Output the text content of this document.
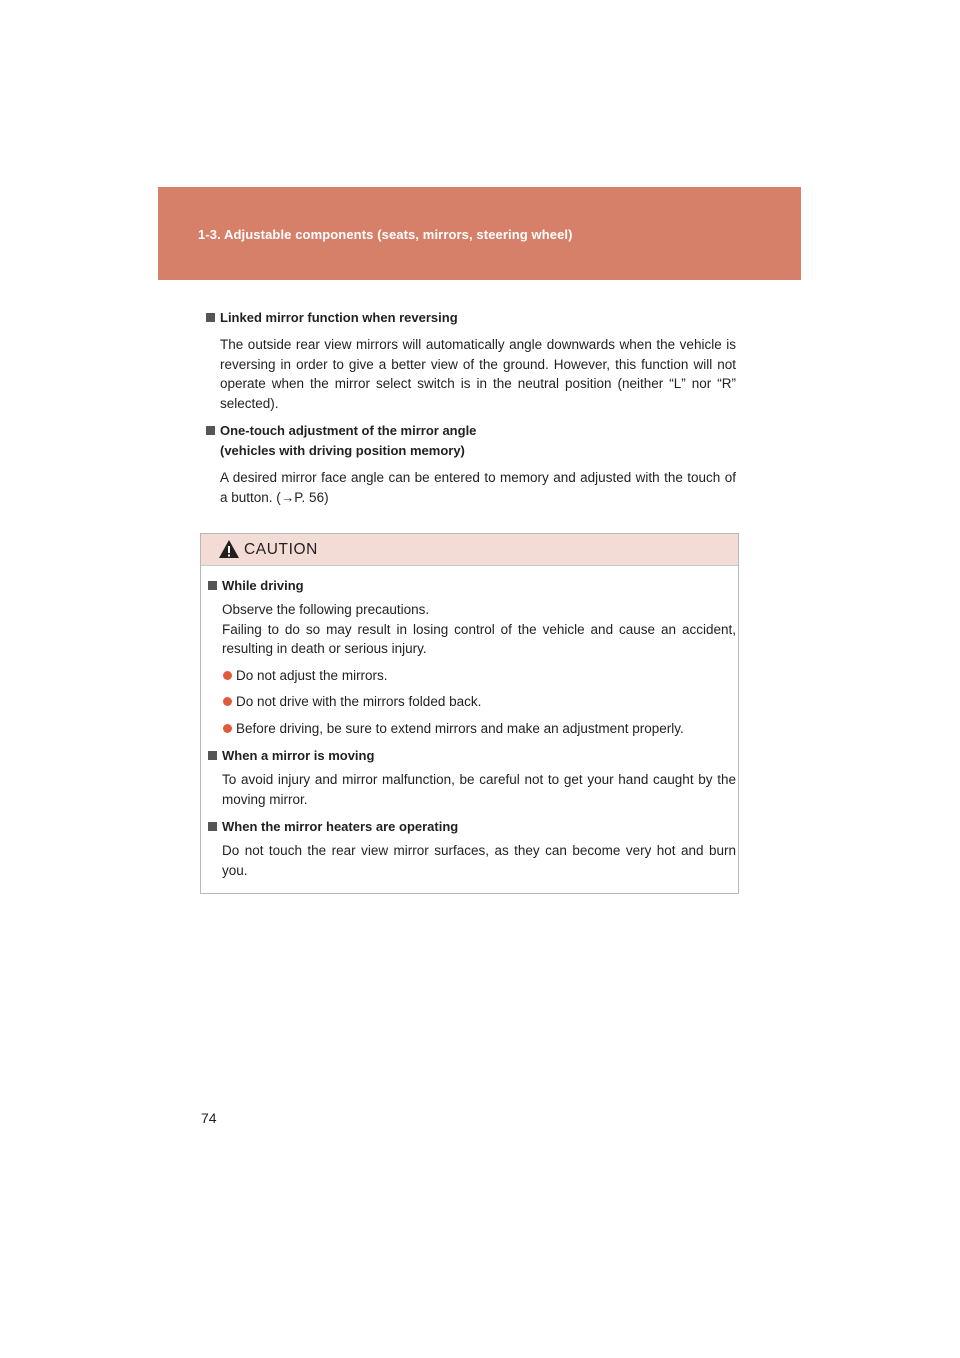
1-3. Adjustable components (seats, mirrors, steering wheel)
Linked mirror function when reversing
The outside rear view mirrors will automatically angle downwards when the vehicle is reversing in order to give a better view of the ground. However, this function will not operate when the mirror select switch is in the neutral position (neither “L” nor “R” selected).
One-touch adjustment of the mirror angle
(vehicles with driving position memory)
A desired mirror face angle can be entered to memory and adjusted with the touch of a button. (→P. 56)
CAUTION
While driving
Observe the following precautions.
Failing to do so may result in losing control of the vehicle and cause an accident, resulting in death or serious injury.
Do not adjust the mirrors.
Do not drive with the mirrors folded back.
Before driving, be sure to extend mirrors and make an adjustment properly.
When a mirror is moving
To avoid injury and mirror malfunction, be careful not to get your hand caught by the moving mirror.
When the mirror heaters are operating
Do not touch the rear view mirror surfaces, as they can become very hot and burn you.
74
